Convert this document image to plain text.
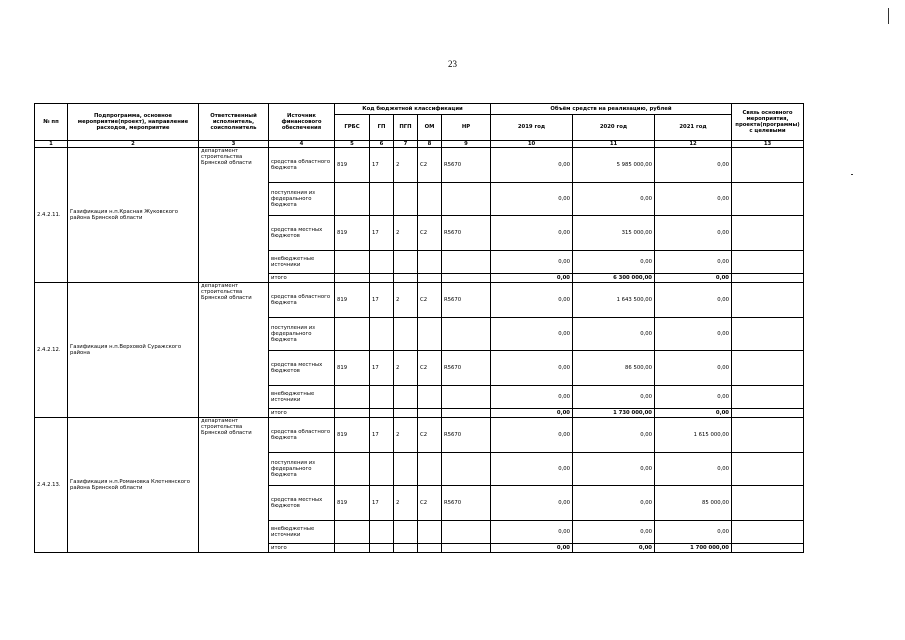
23
№ пп	Подпрограмма, основное мероприятие(проект), направление расходов, мероприятие	Ответственный исполнитель, соисполнитель	Источник финансового обеспечения	Код бюджетной классификации					Объём средств на реализацию, рублей			Связь основного мероприятия, проекта(программы) с целевыми
				ГРБС	ГП	ПГП	ОМ	НР	2019 год	2020 год	2021 год	
1	2	3	4	5	6	7	8	9	10	11	12	13
2.4.2.11.	Газификация н.п.Красная Жуковского района Брянской области	департамент строительства Брянской области	средства областного бюджета	819	17	2	С2	R5670	0,00	5 985 000,00	0,00	
			поступления из федерального бюджета						0,00	0,00	0,00	
			средства местных бюджетов	819	17	2	С2	R5670	0,00	315 000,00	0,00	
			внебюджетные источники						0,00	0,00	0,00	
			итого						0,00	6 300 000,00	0,00	
2.4.2.12.	Газификация н.п.Верховой Суражского района	департамент строительства Брянской области	средства областного бюджета	819	17	2	С2	R5670	0,00	1 643 500,00	0,00	
			поступления из федерального бюджета						0,00	0,00	0,00	
			средства местных бюджетов	819	17	2	С2	R5670	0,00	86 500,00	0,00	
			внебюджетные источники						0,00	0,00	0,00	
			итого						0,00	1 730 000,00	0,00	
2.4.2.13.	Газификация н.п.Романовка Клетнянского района Брянской области	департамент строительства Брянской области	средства областного бюджета	819	17	2	С2	R5670	0,00	0,00	1 615 000,00	
			поступления из федерального бюджета						0,00	0,00	0,00	
			средства местных бюджетов	819	17	2	С2	R5670	0,00	0,00	85 000,00	
			внебюджетные источники						0,00	0,00	0,00	
			итого						0,00	0,00	1 700 000,00	
